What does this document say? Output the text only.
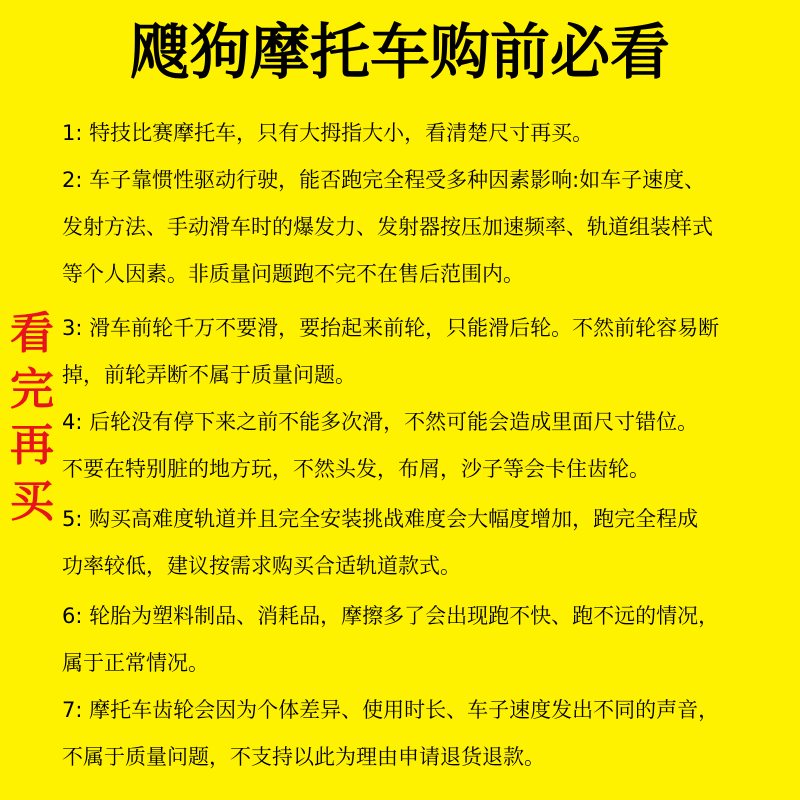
飕狗摩托车购前必看
看
完
再
买
1: 特技比赛摩托车，只有大拇指大小，看清楚尺寸再买。
2: 车子靠惯性驱动行驶，能否跑完全程受多种因素影响:如车子速度、
发射方法、手动滑车时的爆发力、发射器按压加速频率、轨道组装样式
等个人因素。非质量问题跑不完不在售后范围内。
3: 滑车前轮千万不要滑，要抬起来前轮，只能滑后轮。不然前轮容易断
掉，前轮弄断不属于质量问题。
4: 后轮没有停下来之前不能多次滑，不然可能会造成里面尺寸错位。
不要在特别脏的地方玩，不然头发，布屑，沙子等会卡住齿轮。
5: 购买高难度轨道并且完全安装挑战难度会大幅度增加，跑完全程成
功率较低，建议按需求购买合适轨道款式。
6: 轮胎为塑料制品、消耗品，摩擦多了会出现跑不快、跑不远的情况，
属于正常情况。
7: 摩托车齿轮会因为个体差异、使用时长、车子速度发出不同的声音，
不属于质量问题，不支持以此为理由申请退货退款。
